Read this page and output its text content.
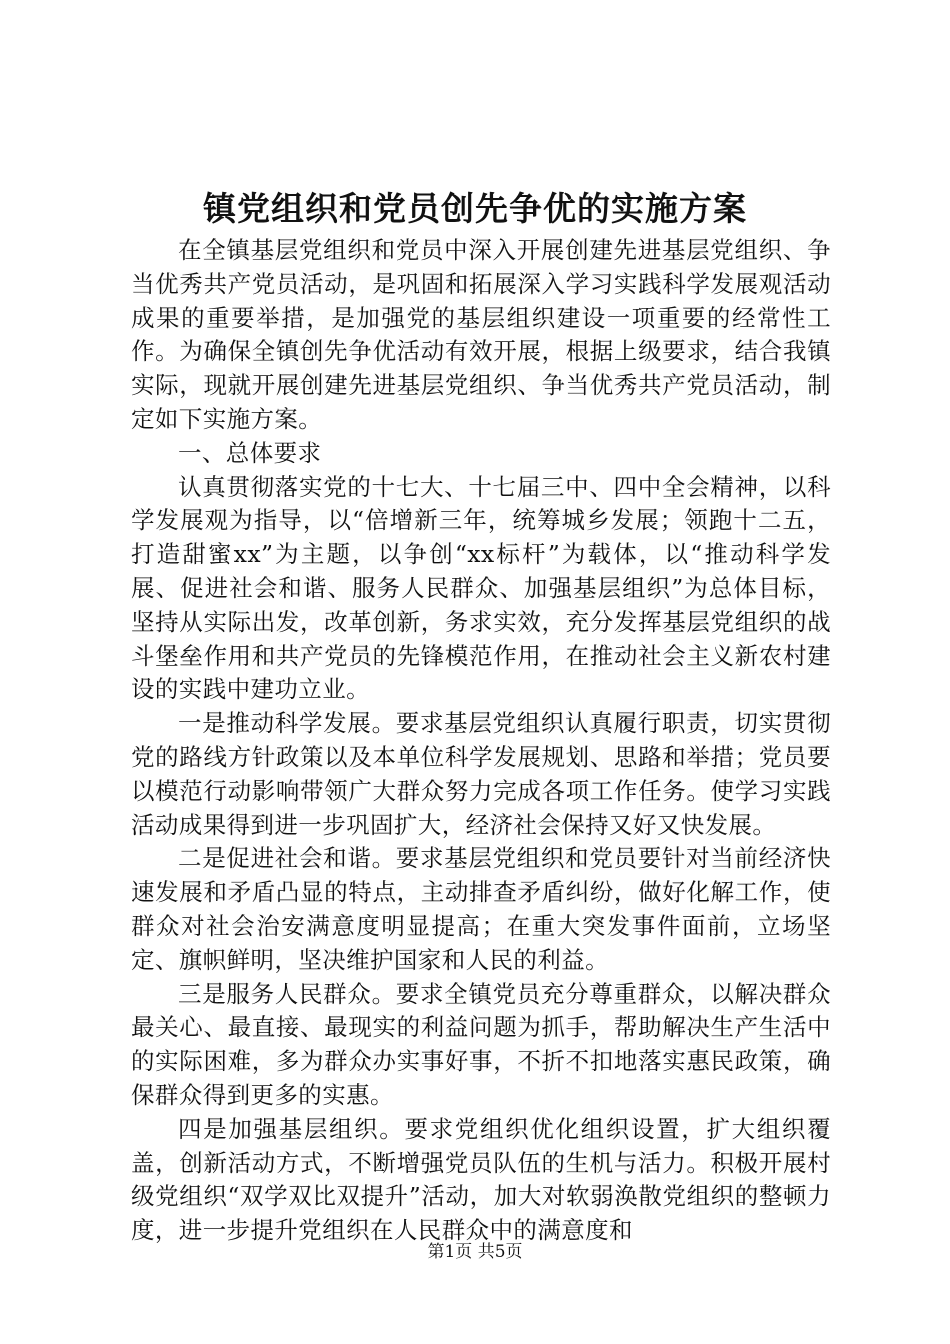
镇党组织和党员创先争优的实施方案

在全镇基层党组织和党员中深入开展创建先进基层党组织、争当优秀共产党员活动，是巩固和拓展深入学习实践科学发展观活动成果的重要举措，是加强党的基层组织建设一项重要的经常性工作。为确保全镇创先争优活动有效开展，根据上级要求，结合我镇实际，现就开展创建先进基层党组织、争当优秀共产党员活动，制定如下实施方案。

一、总体要求

认真贯彻落实党的十七大、十七届三中、四中全会精神，以科学发展观为指导，以“倍增新三年，统筹城乡发展；领跑十二五，打造甜蜜xx”为主题，以争创“xx标杆”为载体，以“推动科学发展、促进社会和谐、服务人民群众、加强基层组织”为总体目标，坚持从实际出发，改革创新，务求实效，充分发挥基层党组织的战斗堡垒作用和共产党员的先锋模范作用，在推动社会主义新农村建设的实践中建功立业。

一是推动科学发展。要求基层党组织认真履行职责，切实贯彻党的路线方针政策以及本单位科学发展规划、思路和举措；党员要以模范行动影响带领广大群众努力完成各项工作任务。使学习实践活动成果得到进一步巩固扩大，经济社会保持又好又快发展。

二是促进社会和谐。要求基层党组织和党员要针对当前经济快速发展和矛盾凸显的特点，主动排查矛盾纠纷，做好化解工作，使群众对社会治安满意度明显提高；在重大突发事件面前，立场坚定、旗帜鲜明，坚决维护国家和人民的利益。

三是服务人民群众。要求全镇党员充分尊重群众，以解决群众最关心、最直接、最现实的利益问题为抓手，帮助解决生产生活中的实际困难，多为群众办实事好事，不折不扣地落实惠民政策，确保群众得到更多的实惠。

四是加强基层组织。要求党组织优化组织设置，扩大组织覆盖，创新活动方式，不断增强党员队伍的生机与活力。积极开展村级党组织“双学双比双提升”活动，加大对软弱涣散党组织的整顿力度，进一步提升党组织在人民群众中的满意度和

第1页 共5页
